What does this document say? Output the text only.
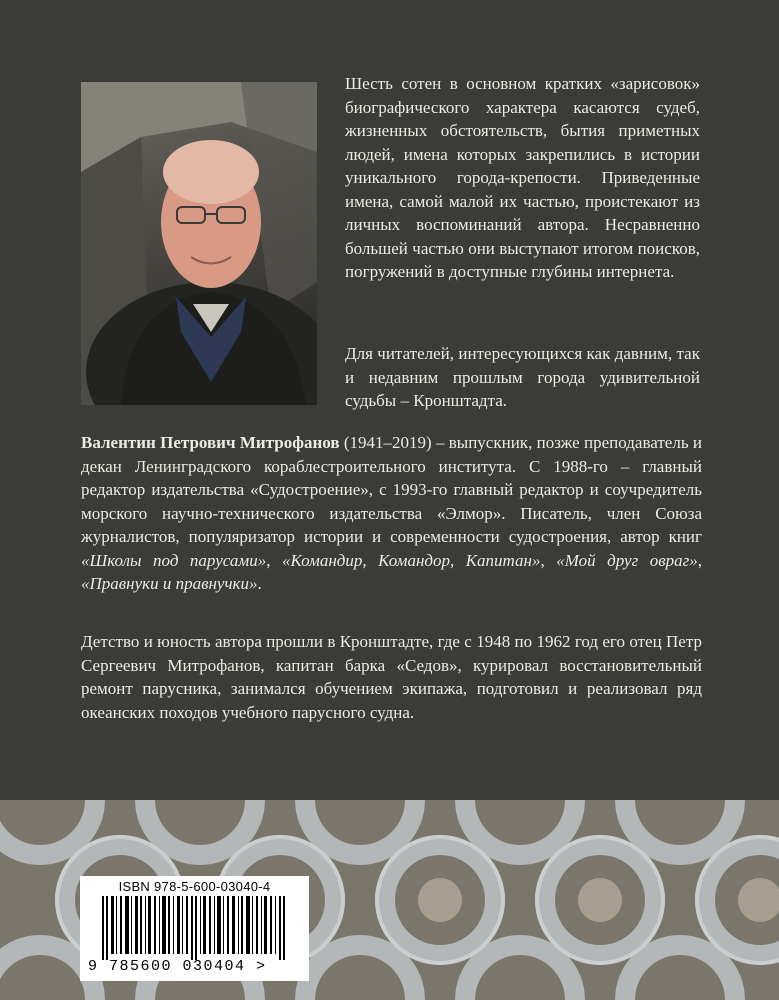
Шесть сотен в основном кратких «зарисовок» биографического характера касаются судеб, жизненных обстоятельств, бытия приметных людей, имена которых закрепились в истории уникального города-крепости. Приведенные имена, самой малой их частью, проистекают из личных воспоминаний автора. Несравненно большей частью они выступают итогом поисков, погружений в доступные глубины интернета.

Для читателей, интересующихся как давним, так и недавним прошлым города удивительной судьбы – Кронштадта.

Валентин Петрович Митрофанов (1941–2019) – выпускник, позже преподаватель и декан Ленинградского кораблестроительного института. С 1988-го – главный редактор издательства «Судостроение», с 1993-го главный редактор и соучредитель морского научно-технического издательства «Элмор». Писатель, член Союза журналистов, популяризатор истории и современности судостроения, автор книг «Школы под парусами», «Командир, Командор, Капитан», «Мой друг овраг», «Правнуки и правнучки».

Детство и юность автора прошли в Кронштадте, где с 1948 по 1962 год его отец Петр Сергеевич Митрофанов, капитан барка «Седов», курировал восстановительный ремонт парусника, занимался обучением экипажа, подготовил и реализовал ряд океанских походов учебного парусного судна.

ISBN 978-5-600-03040-4
9 785600 030404 >
